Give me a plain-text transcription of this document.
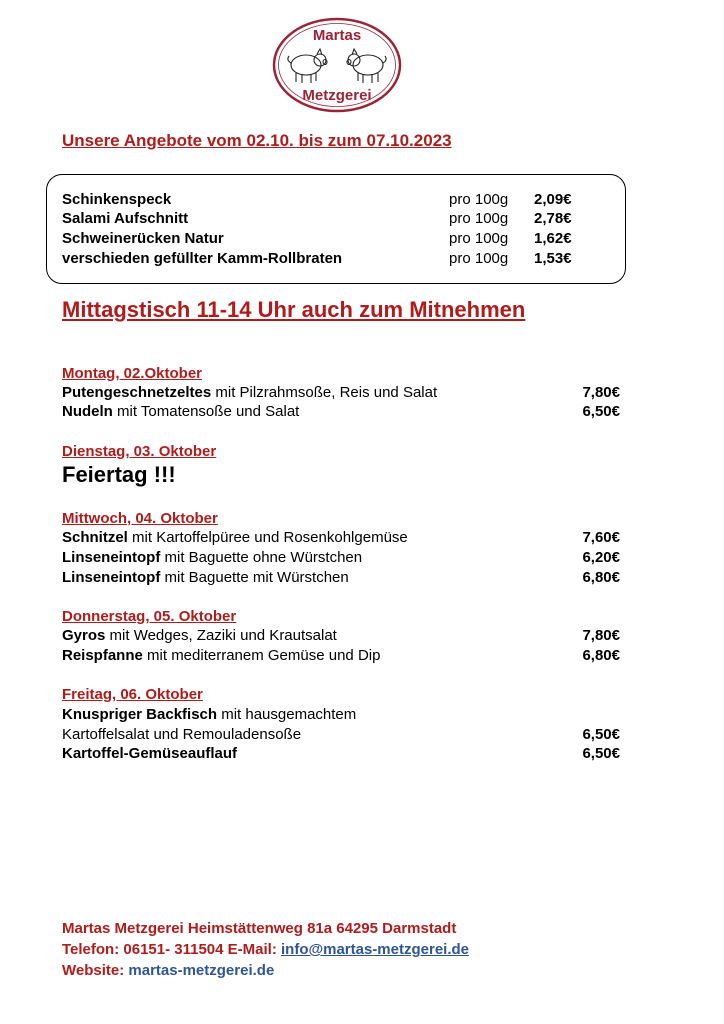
Martas
Metzgerei
Unsere Angebote vom 02.10. bis zum 07.10.2023
Schinkenspeck	pro 100g 2,09€
Salami Aufschnitt	pro 100g 2,78€
Schweinerücken Natur	pro 100g 1,62€
verschieden gefüllter Kamm-Rollbraten	pro 100g 1,53€
Mittagstisch 11-14 Uhr auch zum Mitnehmen
Montag, 02.Oktober
Putengeschnetzeltes mit Pilzrahmsoße, Reis und Salat	7,80€
Nudeln mit Tomatensoße und Salat	6,50€
Dienstag, 03. Oktober
Feiertag !!!
Mittwoch, 04. Oktober
Schnitzel mit Kartoffelpüree und Rosenkohlgemüse	7,60€
Linseneintopf mit Baguette ohne Würstchen	6,20€
Linseneintopf mit Baguette mit Würstchen	6,80€
Donnerstag, 05. Oktober
Gyros mit Wedges, Zaziki und Krautsalat	7,80€
Reispfanne mit mediterranem Gemüse und Dip	6,80€
Freitag, 06. Oktober
Knuspriger Backfisch mit hausgemachtem
Kartoffelsalat und Remouladensoße	6,50€
Kartoffel-Gemüseauflauf	6,50€
Martas Metzgerei Heimstättenweg 81a 64295 Darmstadt
Telefon: 06151- 311504 E-Mail: info@martas-metzgerei.de
Website: martas-metzgerei.de
